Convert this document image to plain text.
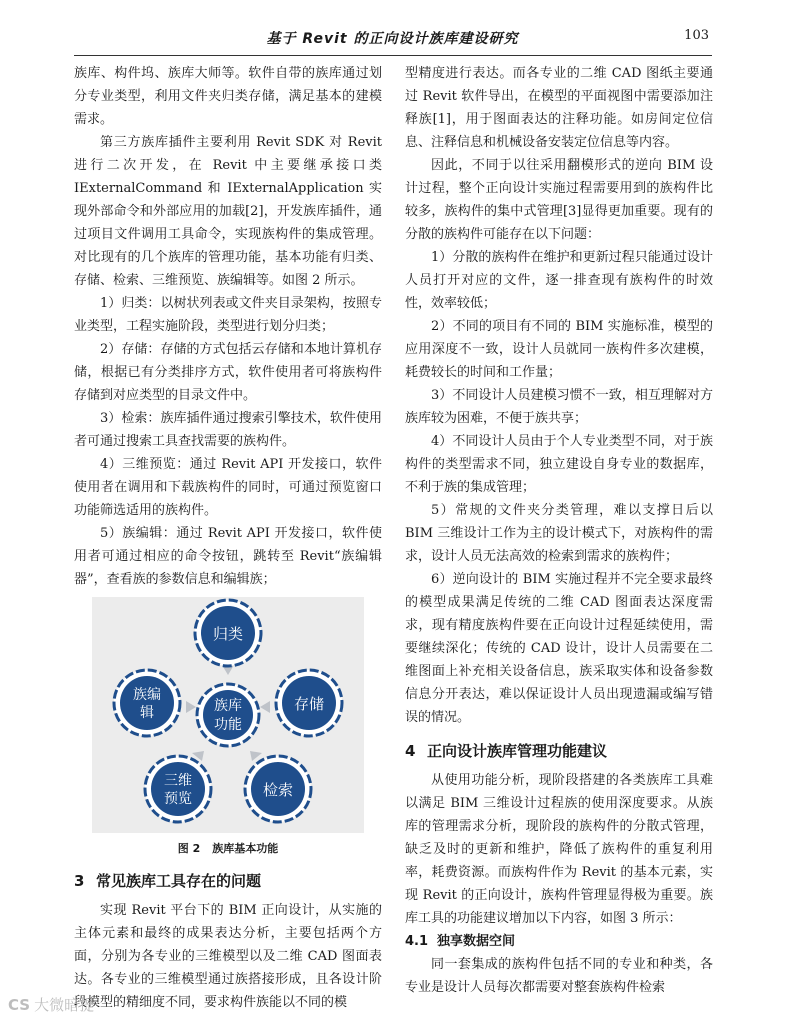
基于 Revit 的正向设计族库建设研究	103

族库、构件坞、族库大师等。软件自带的族库通过划分专业类型，利用文件夹归类存储，满足基本的建模需求。

第三方族库插件主要利用 Revit SDK 对 Revit 进行二次开发，在 Revit 中主要继承接口类 IExternalCommand 和 IExternalApplication 实现外部命令和外部应用的加载[2]，开发族库插件，通过项目文件调用工具命令，实现族构件的集成管理。对比现有的几个族库的管理功能，基本功能有归类、存储、检索、三维预览、族编辑等。如图 2 所示。

1）归类：以树状列表或文件夹目录架构，按照专业类型，工程实施阶段，类型进行划分归类；

2）存储：存储的方式包括云存储和本地计算机存储，根据已有分类排序方式，软件使用者可将族构件存储到对应类型的目录文件中。

3）检索：族库插件通过搜索引擎技术，软件使用者可通过搜索工具查找需要的族构件。

4）三维预览：通过 Revit API 开发接口，软件使用者在调用和下载族构件的同时，可通过预览窗口功能筛选适用的族构件。

5）族编辑：通过 Revit API 开发接口，软件使用者可通过相应的命令按钮，跳转至 Revit“族编辑器”，查看族的参数信息和编辑族；

族库
功能
归类
存储
检索
三维
预览
族编
辑
图 2 族库基本功能
3 常见族库工具存在的问题

实现 Revit 平台下的 BIM 正向设计，从实施的主体元素和最终的成果表达分析，主要包括两个方面，分别为各专业的三维模型以及二维 CAD 图面表达。各专业的三维模型通过族搭接形成，且各设计阶段模型的精细度不同，要求构件族能以不同的模

型精度进行表达。而各专业的二维 CAD 图纸主要通过 Revit 软件导出，在模型的平面视图中需要添加注释族[1]，用于图面表达的注释功能。如房间定位信息、注释信息和机械设备安装定位信息等内容。

因此，不同于以往采用翻模形式的逆向 BIM 设计过程，整个正向设计实施过程需要用到的族构件比较多，族构件的集中式管理[3]显得更加重要。现有的分散的族构件可能存在以下问题：

1）分散的族构件在维护和更新过程只能通过设计人员打开对应的文件，逐一排查现有族构件的时效性，效率较低；

2）不同的项目有不同的 BIM 实施标准，模型的应用深度不一致，设计人员就同一族构件多次建模，耗费较长的时间和工作量；

3）不同设计人员建模习惯不一致，相互理解对方族库较为困难，不便于族共享；

4）不同设计人员由于个人专业类型不同，对于族构件的类型需求不同，独立建设自身专业的数据库，不利于族的集成管理；

5）常规的文件夹分类管理，难以支撑日后以 BIM 三维设计工作为主的设计模式下，对族构件的需求，设计人员无法高效的检索到需求的族构件；

6）逆向设计的 BIM 实施过程并不完全要求最终的模型成果满足传统的二维 CAD 图面表达深度需求，现有精度族构件要在正向设计过程延续使用，需要继续深化；传统的 CAD 设计，设计人员需要在二维图面上补充相关设备信息，族采取实体和设备参数信息分开表达，难以保证设计人员出现遗漏或编写错误的情况。

4 正向设计族库管理功能建议

从使用功能分析，现阶段搭建的各类族库工具难以满足 BIM 三维设计过程族的使用深度要求。从族库的管理需求分析，现阶段的族构件的分散式管理，缺乏及时的更新和维护，降低了族构件的重复利用率，耗费资源。而族构件作为 Revit 的基本元素，实现 Revit 的正向设计，族构件管理显得极为重要。族库工具的功能建议增加以下内容，如图 3 所示：

4.1 独享数据空间

同一套集成的族构件包括不同的专业和种类，各专业是设计人员每次都需要对整套族构件检索

CS 大微暗提
